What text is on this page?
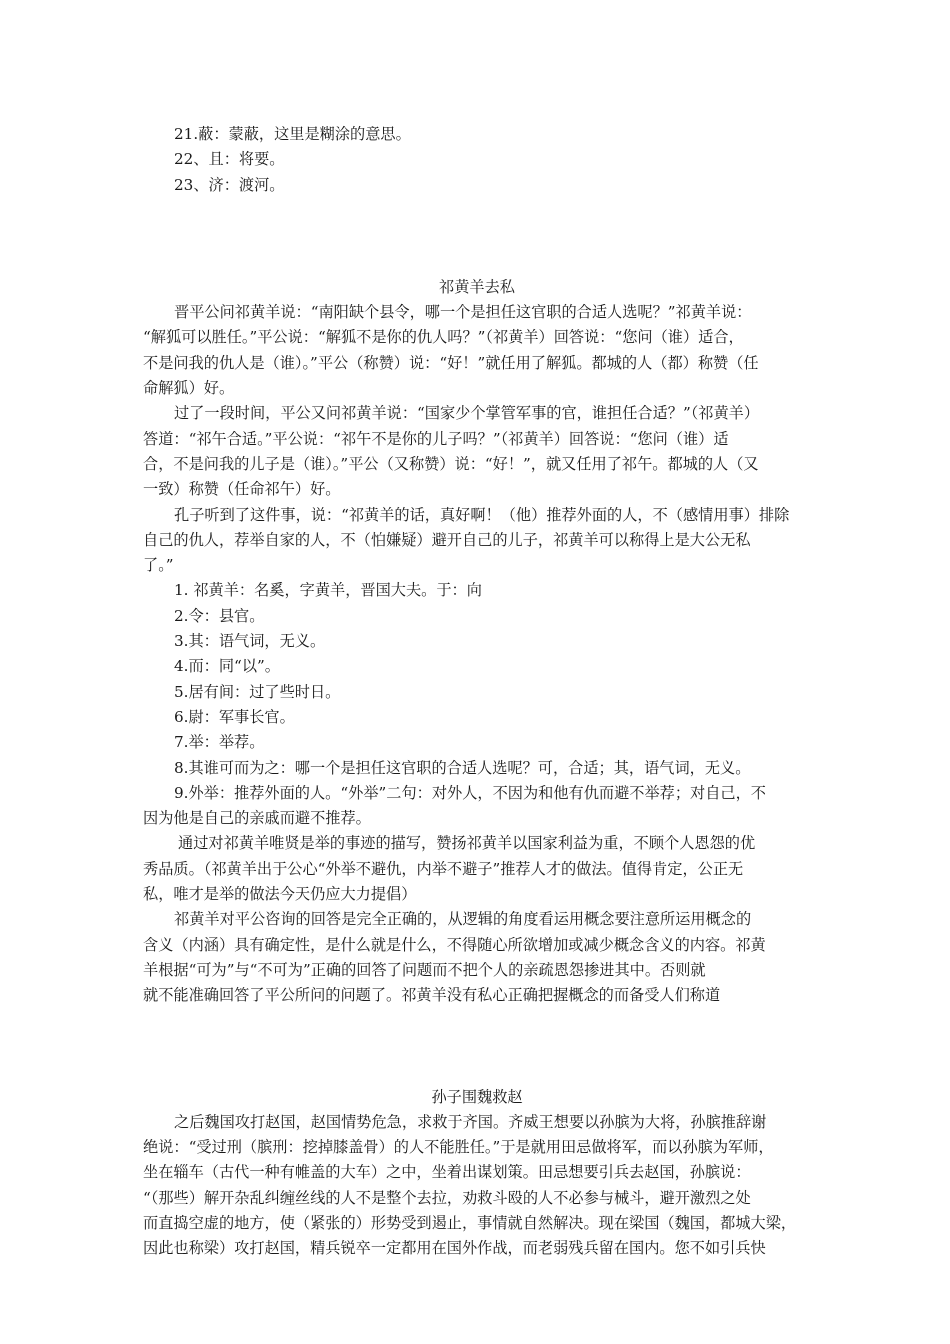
21.蔽：蒙蔽，这里是糊涂的意思。
22、且：将要。
23、济：渡河。
祁黄羊去私
晋平公问祁黄羊说：“南阳缺个县令，哪一个是担任这官职的合适人选呢？”祁黄羊说：
“解狐可以胜任。”平公说：“解狐不是你的仇人吗？”（祁黄羊）回答说：“您问（谁）适合，
不是问我的仇人是（谁）。”平公（称赞）说：“好！”就任用了解狐。都城的人（都）称赞（任
命解狐）好。
过了一段时间，平公又问祁黄羊说：“国家少个掌管军事的官，谁担任合适？”（祁黄羊）
答道：“祁午合适。”平公说：“祁午不是你的儿子吗？”（祁黄羊）回答说：“您问（谁）适
合，不是问我的儿子是（谁）。”平公（又称赞）说：“好！”，就又任用了祁午。都城的人（又
一致）称赞（任命祁午）好。
孔子听到了这件事，说：“祁黄羊的话，真好啊！（他）推荐外面的人，不（感情用事）排除
自己的仇人，荐举自家的人，不（怕嫌疑）避开自己的儿子，祁黄羊可以称得上是大公无私
了。”
1. 祁黄羊：名奚，字黄羊，晋国大夫。于：向
2.令：县官。
3.其：语气词，无义。
4.而：同“以”。
5.居有间：过了些时日。
6.尉：军事长官。
7.举：举荐。
8.其谁可而为之：哪一个是担任这官职的合适人选呢？可，合适；其，语气词，无义。
9.外举：推荐外面的人。“外举”二句：对外人，不因为和他有仇而避不举荐；对自己，不
因为他是自己的亲戚而避不推荐。
通过对祁黄羊唯贤是举的事迹的描写，赞扬祁黄羊以国家利益为重，不顾个人恩怨的优
秀品质。（祁黄羊出于公心“外举不避仇，内举不避子”推荐人才的做法。值得肯定，公正无
私，唯才是举的做法今天仍应大力提倡）
祁黄羊对平公咨询的回答是完全正确的，从逻辑的角度看运用概念要注意所运用概念的
含义（内涵）具有确定性，是什么就是什么，不得随心所欲增加或减少概念含义的内容。祁黄
羊根据“可为”与“不可为”正确的回答了问题而不把个人的亲疏恩怨掺进其中。否则就
就不能准确回答了平公所问的问题了。祁黄羊没有私心正确把握概念的而备受人们称道
孙子围魏救赵
之后魏国攻打赵国，赵国情势危急，求救于齐国。齐威王想要以孙膑为大将，孙膑推辞谢
绝说：“受过刑（膑刑：挖掉膝盖骨）的人不能胜任。”于是就用田忌做将军，而以孙膑为军师，
坐在辎车（古代一种有帷盖的大车）之中，坐着出谋划策。田忌想要引兵去赵国，孙膑说：
“（那些）解开杂乱纠缠丝线的人不是整个去拉，劝救斗殴的人不必参与械斗，避开激烈之处
而直捣空虚的地方，使（紧张的）形势受到遏止，事情就自然解决。现在梁国（魏国，都城大梁，
因此也称梁）攻打赵国，精兵锐卒一定都用在国外作战，而老弱残兵留在国内。您不如引兵快
